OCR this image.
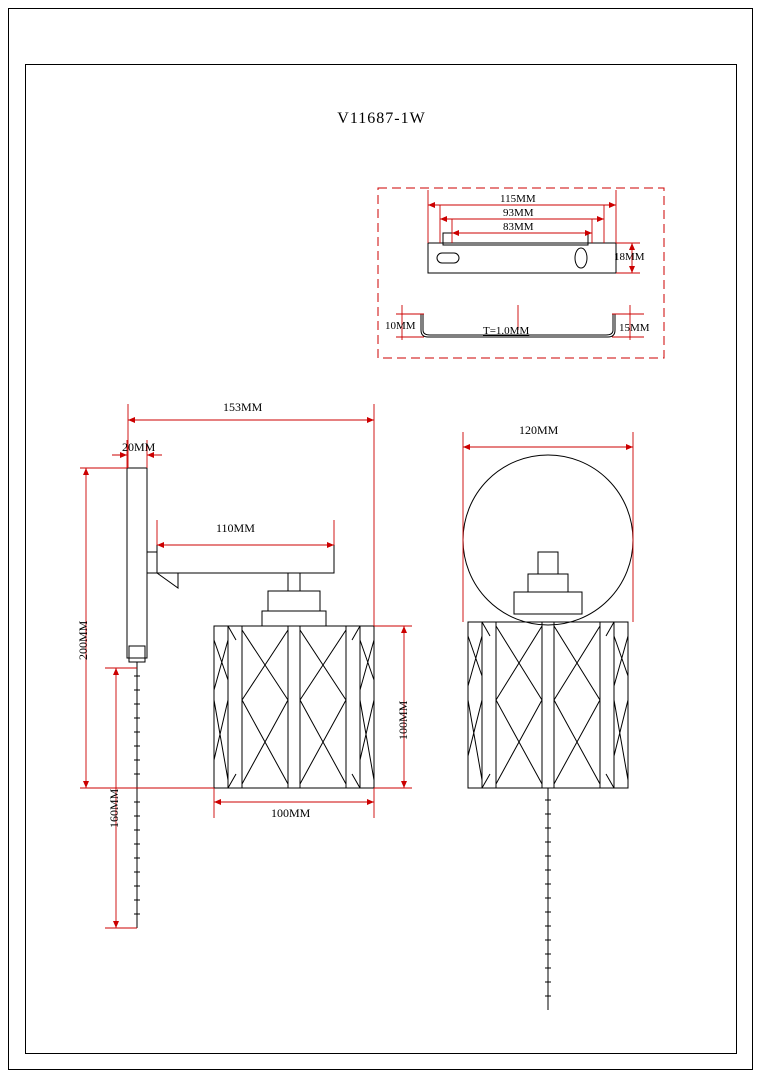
V11687-1W
115MM
93MM
83MM
18MM
10MM	15MM
T=1.0MM
153MM
20MM
110MM
200MM
160MM
100MM
100MM
120MM
